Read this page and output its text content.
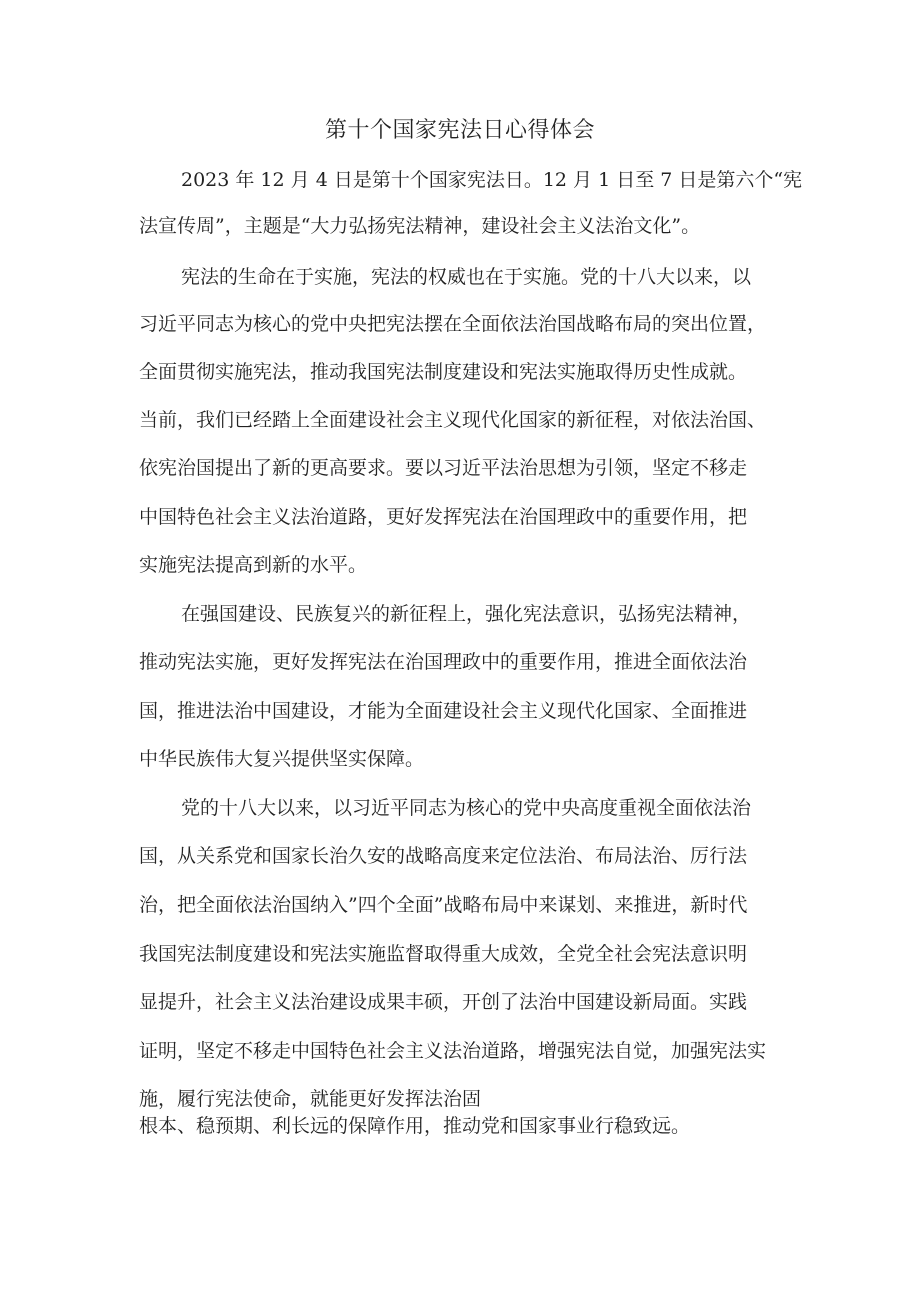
第十个国家宪法日心得体会

2023 年 12 月 4 日是第十个国家宪法日。12 月 1 日至 7 日是第六个“宪

法宣传周”，主题是“大力弘扬宪法精神，建设社会主义法治文化”。

宪法的生命在于实施，宪法的权威也在于实施。党的十八大以来，以

习近平同志为核心的党中央把宪法摆在全面依法治国战略布局的突出位置，

全面贯彻实施宪法，推动我国宪法制度建设和宪法实施取得历史性成就。

当前，我们已经踏上全面建设社会主义现代化国家的新征程，对依法治国、

依宪治国提出了新的更高要求。要以习近平法治思想为引领，坚定不移走

中国特色社会主义法治道路，更好发挥宪法在治国理政中的重要作用，把

实施宪法提高到新的水平。

在强国建设、民族复兴的新征程上，强化宪法意识，弘扬宪法精神，

推动宪法实施，更好发挥宪法在治国理政中的重要作用，推进全面依法治

国，推进法治中国建设，才能为全面建设社会主义现代化国家、全面推进

中华民族伟大复兴提供坚实保障。

党的十八大以来，以习近平同志为核心的党中央高度重视全面依法治

国，从关系党和国家长治久安的战略高度来定位法治、布局法治、厉行法

治，把全面依法治国纳入”四个全面”战略布局中来谋划、来推进，新时代

我国宪法制度建设和宪法实施监督取得重大成效，全党全社会宪法意识明

显提升，社会主义法治建设成果丰硕，开创了法治中国建设新局面。实践

证明，坚定不移走中国特色社会主义法治道路，增强宪法自觉，加强宪法实

施，履行宪法使命，就能更好发挥法治固

根本、稳预期、利长远的保障作用，推动党和国家事业行稳致远。
